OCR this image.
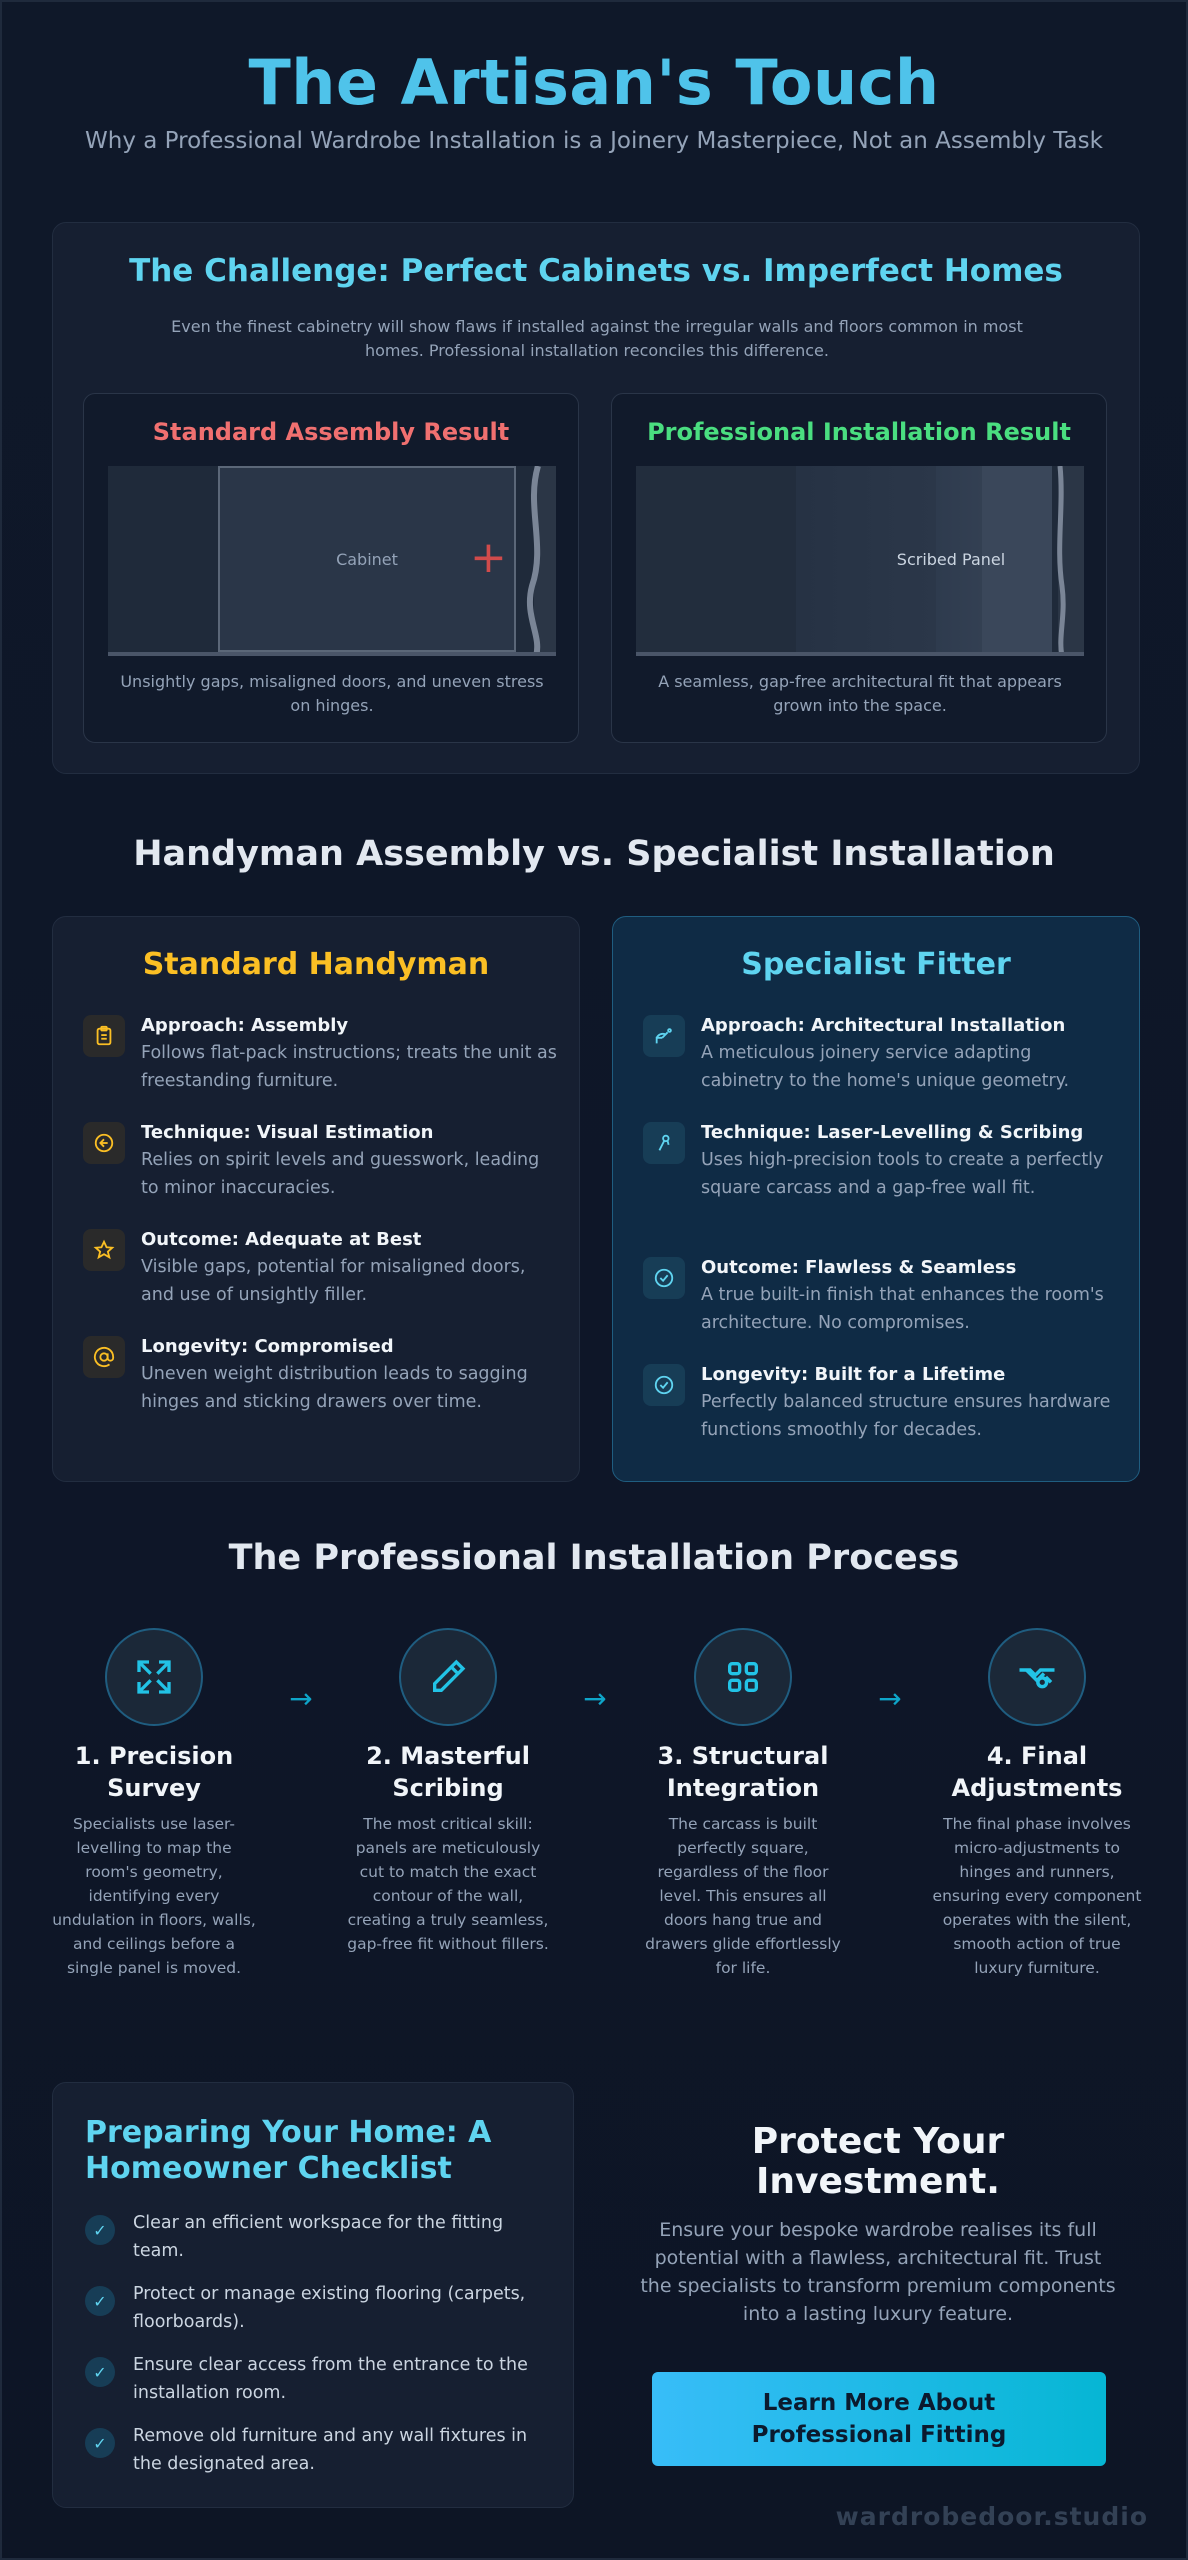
The Artisan's Touch
Why a Professional Wardrobe Installation is a Joinery Masterpiece, Not an Assembly Task
The Challenge: Perfect Cabinets vs. Imperfect Homes

Even the finest cabinetry will show flaws if installed against the irregular walls and floors common in most homes. Professional installation reconciles this difference.

Standard Assembly Result
Cabinet	+

Unsightly gaps, misaligned doors, and uneven stress on hinges.

Professional Installation Result
Scribed Panel

A seamless, gap-free architectural fit that appears grown into the space.

Handyman Assembly vs. Specialist Installation
Standard Handyman
Approach: Assembly
Follows flat-pack instructions; treats the unit as freestanding furniture.
Technique: Visual Estimation
Relies on spirit levels and guesswork, leading to minor inaccuracies.
Outcome: Adequate at Best
Visible gaps, potential for misaligned doors, and use of unsightly filler.
Longevity: Compromised
Uneven weight distribution leads to sagging hinges and sticking drawers over time.
Specialist Fitter
Approach: Architectural Installation
A meticulous joinery service adapting cabinetry to the home's unique geometry.
Technique: Laser-Levelling & Scribing
Uses high-precision tools to create a perfectly square carcass and a gap-free wall fit.
Outcome: Flawless & Seamless
A true built-in finish that enhances the room's architecture. No compromises.
Longevity: Built for a Lifetime
Perfectly balanced structure ensures hardware functions smoothly for decades.
The Professional Installation Process
1. Precision Survey

Specialists use laser-levelling to map the room's geometry, identifying every undulation in floors, walls, and ceilings before a single panel is moved.

→
2. Masterful Scribing

The most critical skill: panels are meticulously cut to match the exact contour of the wall, creating a truly seamless, gap-free fit without fillers.

→
3. Structural Integration

The carcass is built perfectly square, regardless of the floor level. This ensures all doors hang true and drawers glide effortlessly for life.

→
4. Final Adjustments

The final phase involves micro-adjustments to hinges and runners, ensuring every component operates with the silent, smooth action of true luxury furniture.

Preparing Your Home: A Homeowner Checklist
✓	Clear an efficient workspace for the fitting team.
✓	Protect or manage existing flooring (carpets, floorboards).
✓	Ensure clear access from the entrance to the installation room.
✓	Remove old furniture and any wall fixtures in the designated area.
Protect Your Investment.

Ensure your bespoke wardrobe realises its full potential with a flawless, architectural fit. Trust the specialists to transform premium components into a lasting luxury feature.

Learn More About Professional Fitting
wardrobedoor.studio
